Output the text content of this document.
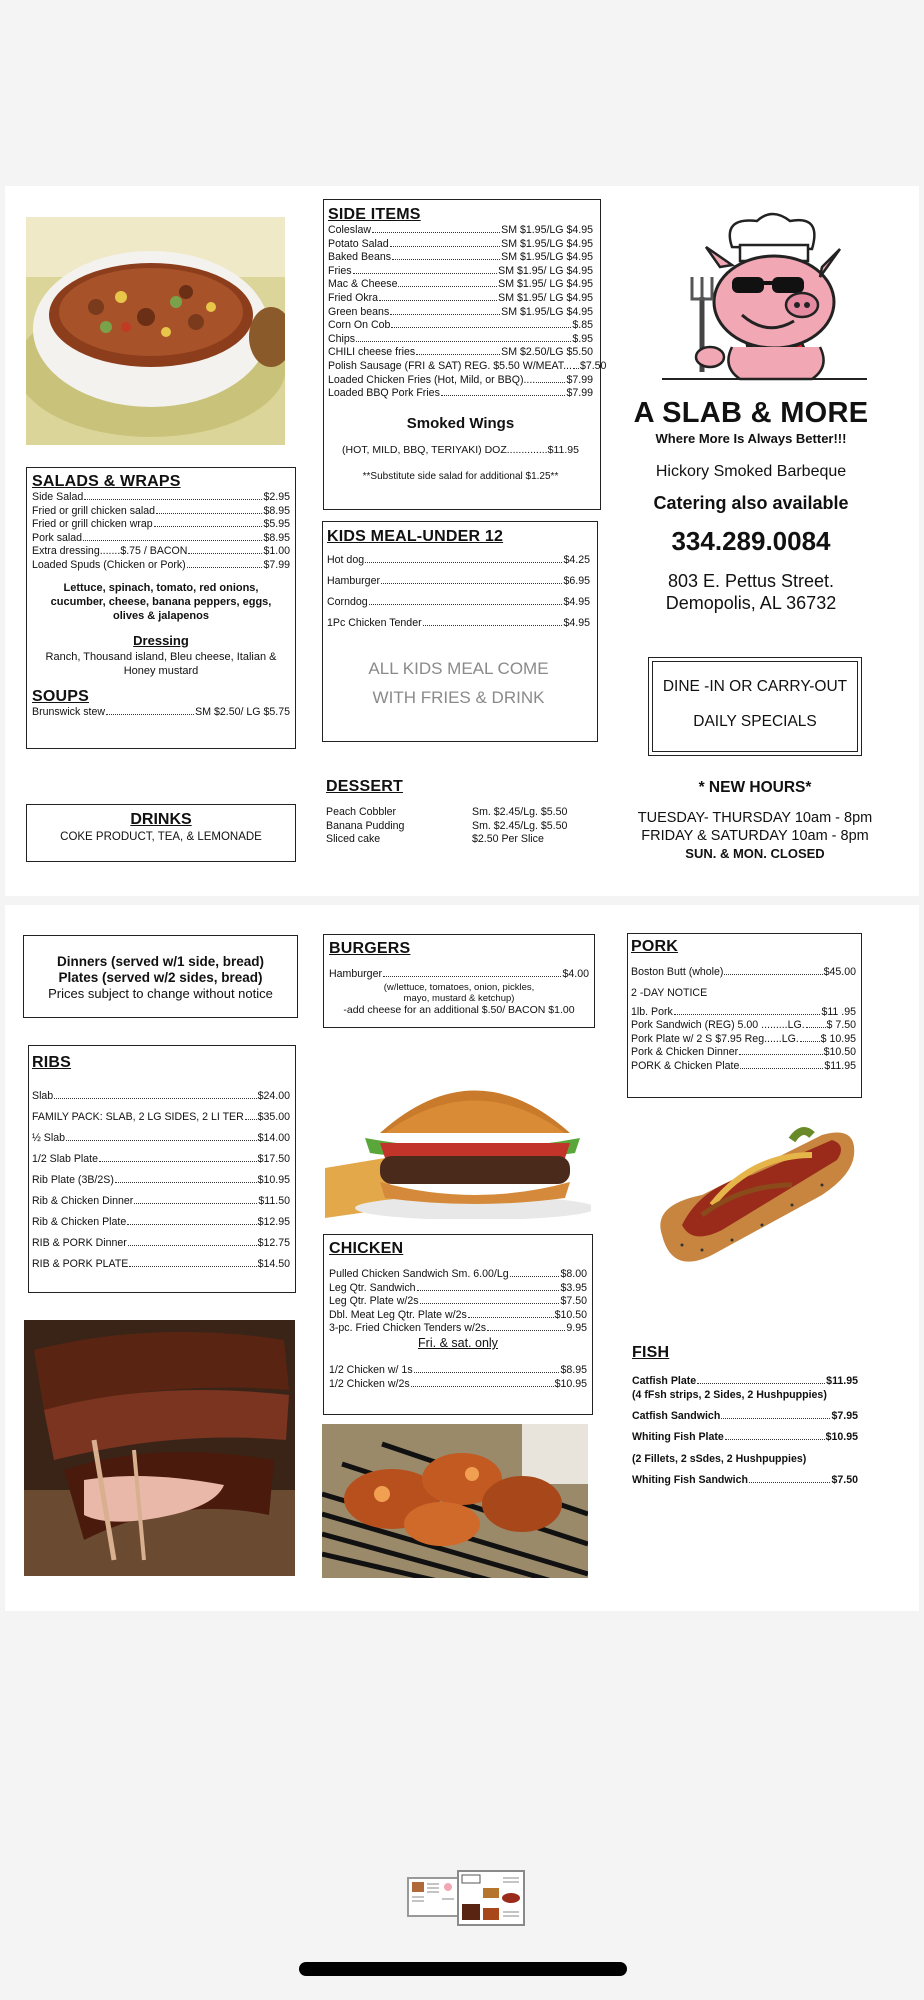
SALADS & WRAPS
Side Salad	$2.95
Fried or grill chicken salad	$8.95
Fried or grill chicken wrap	$5.95
Pork salad	$8.95
Extra dressing.......$.75 / BACON	$1.00
Loaded Spuds (Chicken or Pork)	$7.99
Lettuce, spinach, tomato, red onions, cucumber, cheese, banana peppers, eggs, olives & jalapenos
Dressing
Ranch, Thousand island, Bleu cheese, Italian & Honey mustard
SOUPS
Brunswick stew	SM $2.50/ LG $5.75
DRINKS
COKE PRODUCT, TEA, & LEMONADE
SIDE ITEMS
Coleslaw	SM $1.95/LG $4.95
Potato Salad	SM $1.95/LG $4.95
Baked Beans	SM $1.95/LG $4.95
Fries	SM $1.95/ LG $4.95
Mac & Cheese	SM $1.95/ LG $4.95
Fried Okra	SM $1.95/ LG $4.95
Green beans	SM $1.95/LG $4.95
Corn On Cob	$.85
Chips	$.95
CHILI cheese fries	SM $2.50/LG $5.50
Polish Sausage (FRI & SAT) REG. $5.50 W/MEAT... $7.50
Loaded Chicken Fries (Hot, Mild, or BBQ)....	$7.99
Loaded BBQ Pork Fries	$7.99
Smoked Wings
(HOT, MILD, BBQ, TERIYAKI) DOZ..............$11.95
**Substitute side salad for additional $1.25**
KIDS MEAL-UNDER 12
Hot dog	$4.25
Hamburger	$6.95
Corndog	$4.95
1Pc Chicken Tender	$4.95
ALL KIDS MEAL COME WITH FRIES & DRINK
DESSERT
Peach Cobbler	Sm. $2.45/Lg. $5.50
Banana Pudding	Sm. $2.45/Lg. $5.50
Sliced cake	$2.50 Per Slice
A SLAB & MORE
Where More Is Always Better!!!
Hickory Smoked Barbeque
Catering also available
334.289.0084
803 E. Pettus Street.
Demopolis, AL 36732
DINE -IN OR CARRY-OUT
DAILY SPECIALS
* NEW HOURS*
TUESDAY- THURSDAY 10am - 8pm
FRIDAY & SATURDAY 10am - 8pm
SUN. & MON. CLOSED
Dinners (served w/1 side, bread)
Plates (served w/2 sides, bread)
Prices subject to change without notice
RIBS
Slab	$24.00
FAMILY PACK: SLAB, 2 LG SIDES, 2 LI TER $35.00
½ Slab	$14.00
1/2 Slab Plate	$17.50
Rib Plate (3B/2S)	$10.95
Rib & Chicken Dinner	$11.50
Rib & Chicken Plate	$12.95
RIB & PORK Dinner	$12.75
RIB & PORK PLATE	$14.50
BURGERS
Hamburger	$4.00
(w/lettuce, tomatoes, onion, pickles,
mayo, mustard & ketchup)
-add cheese for an additional $.50/ BACON $1.00
CHICKEN
Pulled Chicken Sandwich Sm. 6.00/Lg	$8.00
Leg Qtr. Sandwich	$3.95
Leg Qtr. Plate w/2s	$7.50
Dbl. Meat Leg Qtr. Plate w/2s	$10.50
3-pc. Fried Chicken Tenders w/2s	9.95
Fri. & sat. only
1/2 Chicken w/ 1s	$8.95
1/2 Chicken w/2s	$10.95
PORK
Boston Butt (whole)	$45.00
2 -DAY NOTICE
1lb. Pork	$11 .95
Pork Sandwich (REG) 5.00 .........LG. $ 7.50
Pork Plate w/ 2 S $7.95 Reg......LG. $ 10.95
Pork & Chicken Dinner	$10.50
PORK & Chicken Plate	$11.95
FISH
Catfish Plate	$11.95
(4 fFsh strips, 2 Sides, 2 Hushpuppies)
Catfish Sandwich	$7.95
Whiting Fish Plate	$10.95
(2 Fillets, 2 sSdes, 2 Hushpuppies)
Whiting Fish Sandwich	$7.50
